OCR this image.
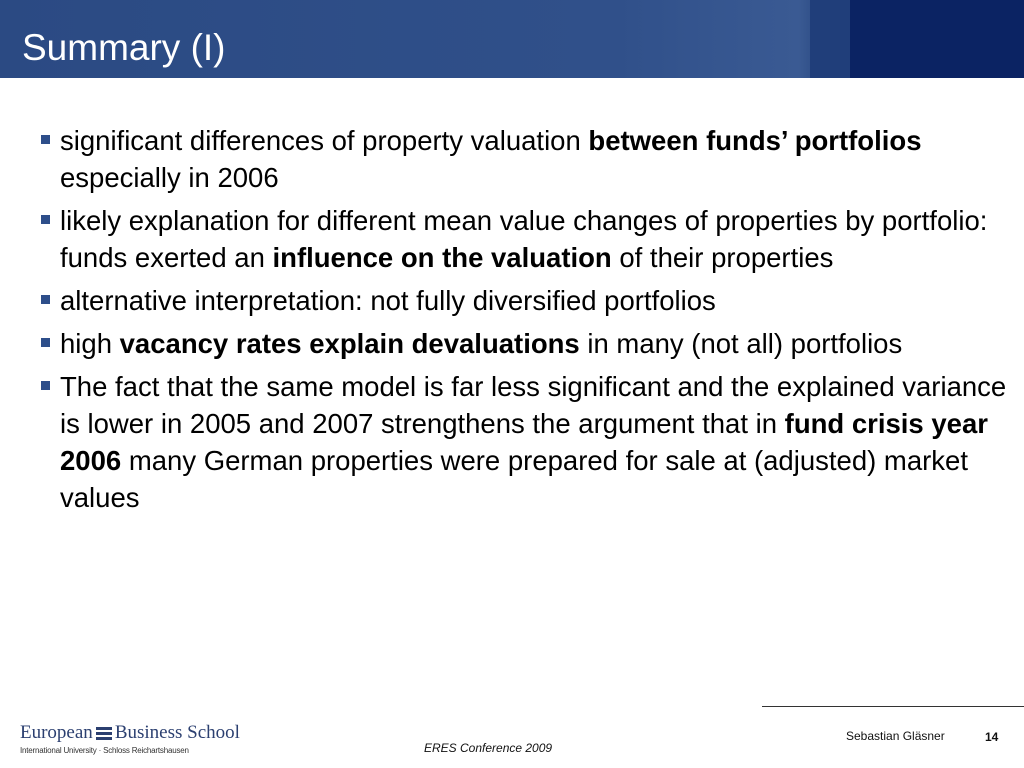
Summary (I)
significant differences of property valuation between funds’ portfolios especially in 2006
likely explanation for different mean value changes of properties by portfolio:
funds exerted an influence on the valuation of their properties
alternative interpretation: not fully diversified portfolios
high vacancy rates explain devaluations in many (not all) portfolios
The fact that the same model is far less significant and the explained variance is lower in 2005 and 2007 strengthens the argument that in fund crisis year 2006 many German properties were prepared for sale at (adjusted) market values
European Business School
International University · Schloss Reichartshausen	ERES Conference 2009
Sebastian Gläsner	14
